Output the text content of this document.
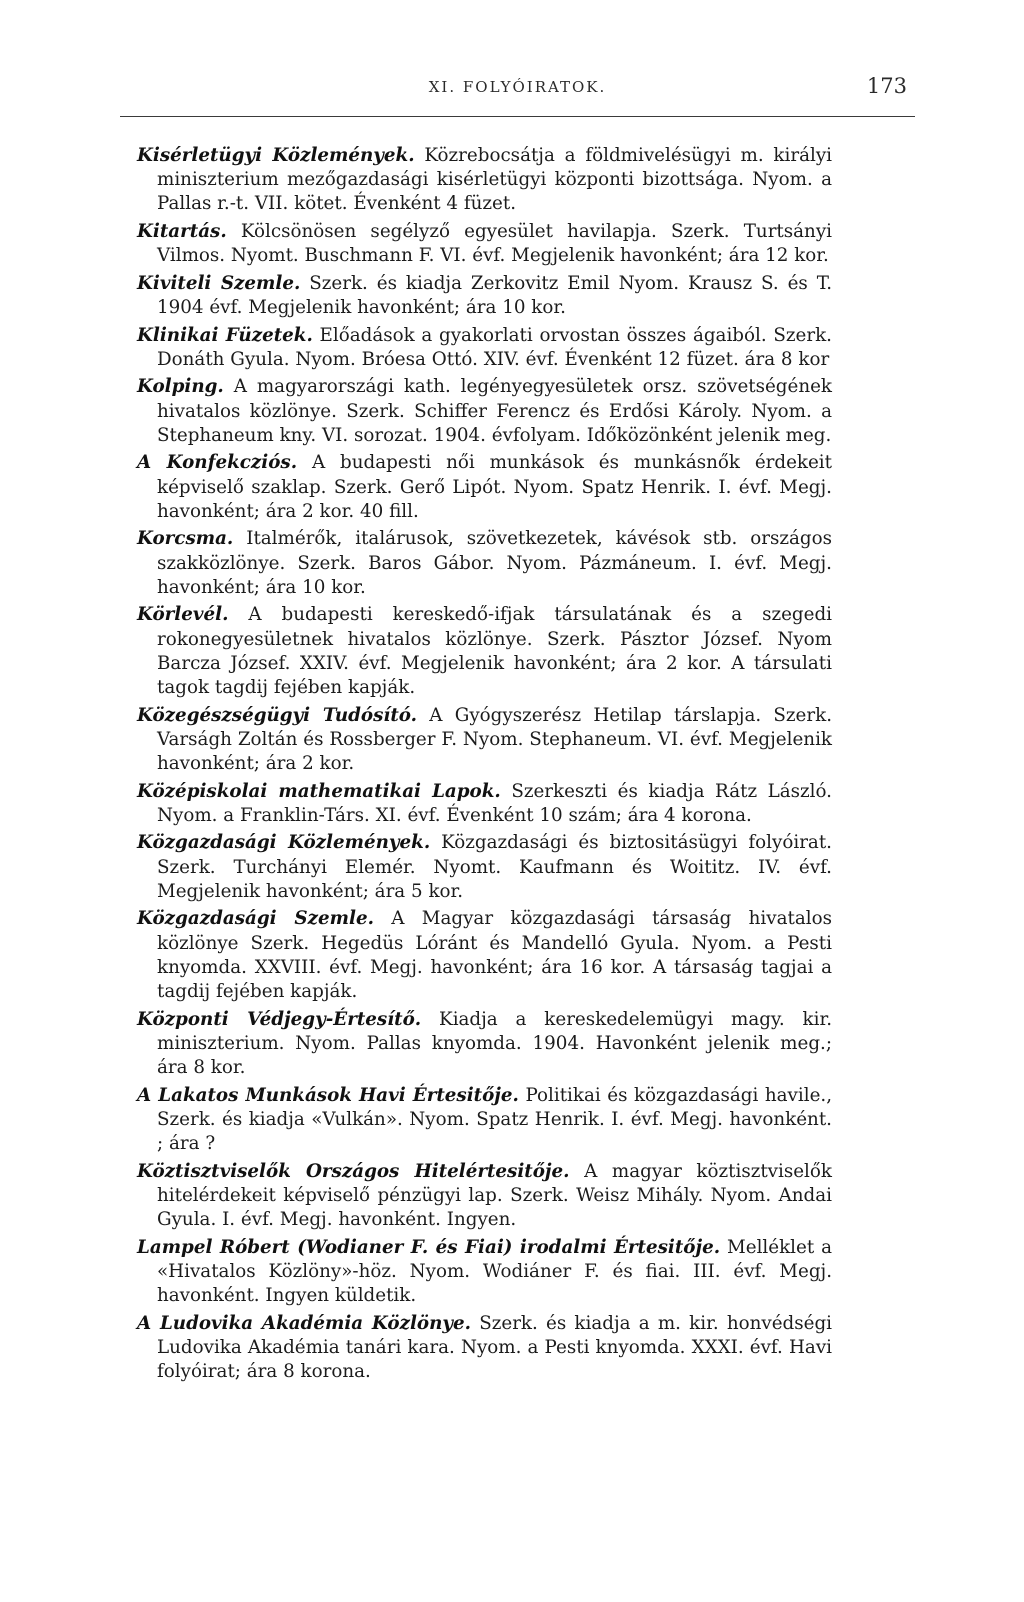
XI. FOLYÓIRATOK.	173

Kisérletügyi Közlemények. Közrebocsátja a földmivelésügyi m. királyi miniszterium mezőgazdasági kisérletügyi központi bizottsága. Nyom. a Pallas r.-t. VII. kötet. Évenként 4 füzet.

Kitartás. Kölcsönösen segélyző egyesület havilapja. Szerk. Turtsányi Vilmos. Nyomt. Buschmann F. VI. évf. Megjelenik havonként; ára 12 kor.

Kiviteli Szemle. Szerk. és kiadja Zerkovitz Emil Nyom. Krausz S. és T. 1904 évf. Megjelenik havonként; ára 10 kor.

Klinikai Füzetek. Előadások a gyakorlati orvostan összes ágaiból. Szerk. Donáth Gyula. Nyom. Bróesa Ottó. XIV. évf. Évenként 12 füzet. ára 8 kor

Kolping. A magyarországi kath. legényegyesületek orsz. szövetségének hivatalos közlönye. Szerk. Schiffer Ferencz és Erdősi Károly. Nyom. a Stephaneum kny. VI. sorozat. 1904. évfolyam. Időközönként jelenik meg.

A Konfekcziós. A budapesti női munkások és munkásnők érdekeit képviselő szaklap. Szerk. Gerő Lipót. Nyom. Spatz Henrik. I. évf. Megj. havonként; ára 2 kor. 40 fill.

Korcsma. Italmérők, italárusok, szövetkezetek, kávésok stb. országos szakközlönye. Szerk. Baros Gábor. Nyom. Pázmáneum. I. évf. Megj. havonként; ára 10 kor.

Körlevél. A budapesti kereskedő-ifjak társulatának és a szegedi rokonegyesületnek hivatalos közlönye. Szerk. Pásztor József. Nyom Barcza József. XXIV. évf. Megjelenik havonként; ára 2 kor. A társulati tagok tagdij fejében kapják.

Közegészségügyi Tudósító. A Gyógyszerész Hetilap társlapja. Szerk. Varságh Zoltán és Rossberger F. Nyom. Stephaneum. VI. évf. Megjelenik havonként; ára 2 kor.

Középiskolai mathematikai Lapok. Szerkeszti és kiadja Rátz László. Nyom. a Franklin-Társ. XI. évf. Évenként 10 szám; ára 4 korona.

Közgazdasági Közlemények. Közgazdasági és biztositásügyi folyóirat. Szerk. Turchányi Elemér. Nyomt. Kaufmann és Woititz. IV. évf. Megjelenik havonként; ára 5 kor.

Közgazdasági Szemle. A Magyar közgazdasági társaság hivatalos közlönye Szerk. Hegedüs Lóránt és Mandelló Gyula. Nyom. a Pesti knyomda. XXVIII. évf. Megj. havonként; ára 16 kor. A társaság tagjai a tagdij fejében kapják.

Központi Védjegy-Értesítő. Kiadja a kereskedelemügyi magy. kir. miniszterium. Nyom. Pallas knyomda. 1904. Havonként jelenik meg.; ára 8 kor.

A Lakatos Munkások Havi Értesitője. Politikai és közgazdasági havile., Szerk. és kiadja «Vulkán». Nyom. Spatz Henrik. I. évf. Megj. havonként. ; ára ?

Köztisztviselők Országos Hitelértesitője. A magyar köztisztviselők hitelérdekeit képviselő pénzügyi lap. Szerk. Weisz Mihály. Nyom. Andai Gyula. I. évf. Megj. havonként. Ingyen.

Lampel Róbert (Wodianer F. és Fiai) irodalmi Értesitője. Melléklet a «Hivatalos Közlöny»-höz. Nyom. Wodiáner F. és fiai. III. évf. Megj. havonként. Ingyen küldetik.

A Ludovika Akadémia Közlönye. Szerk. és kiadja a m. kir. honvédségi Ludovika Akadémia tanári kara. Nyom. a Pesti knyomda. XXXI. évf. Havi folyóirat; ára 8 korona.
